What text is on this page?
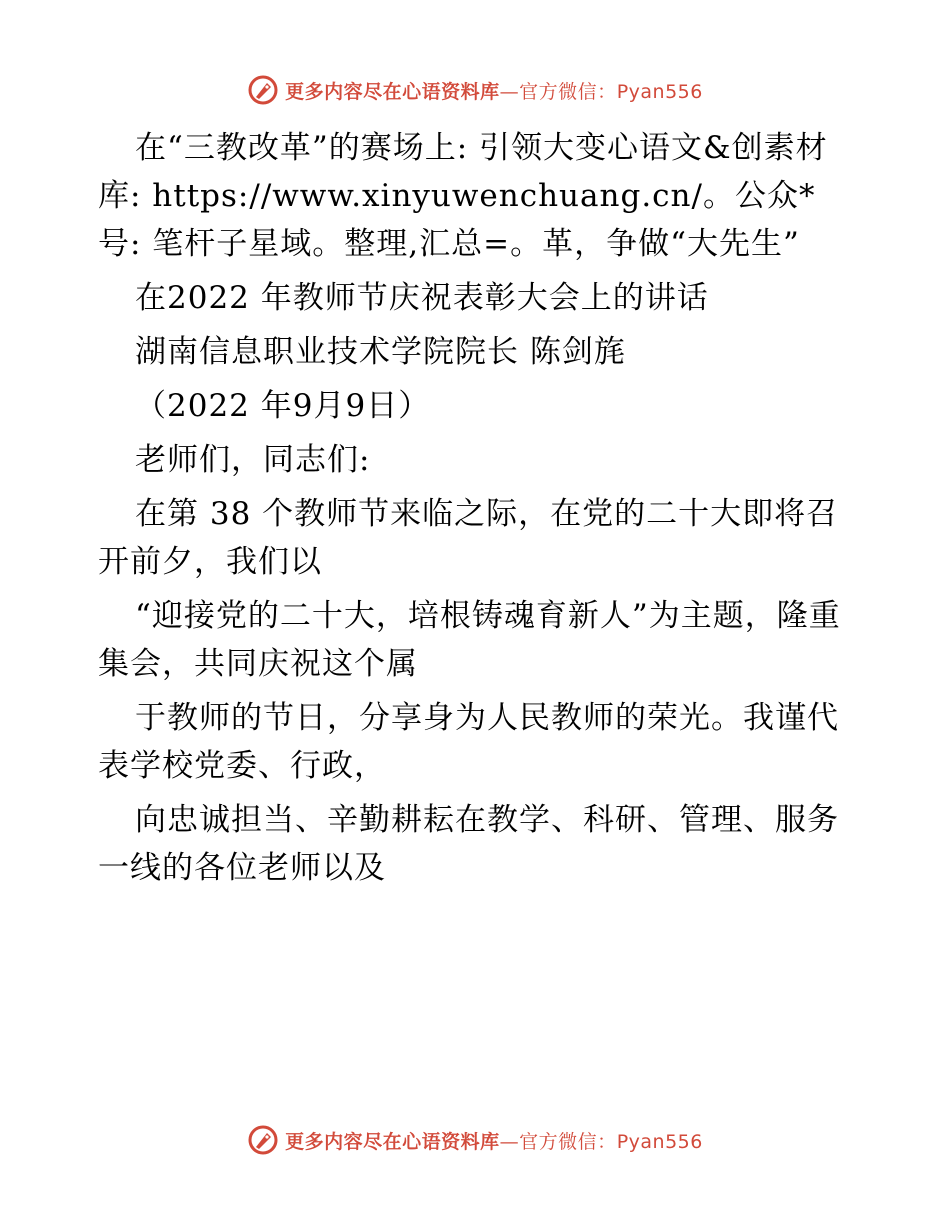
更多内容尽在心语资料库—官方微信：Pyan556

在“三教改革”的赛场上: 引领大变心语文&创素材库: https://www.xinyuwenchuang.cn/。公众*号: 笔杆子星域。整理,汇总=。革，争做“大先生”

在2022 年教师节庆祝表彰大会上的讲话

湖南信息职业技术学院院长 陈剑旄

（2022 年9月9日）

老师们，同志们:

在第 38 个教师节来临之际，在党的二十大即将召开前夕，我们以

“迎接党的二十大，培根铸魂育新人”为主题，隆重集会，共同庆祝这个属

于教师的节日，分享身为人民教师的荣光。我谨代表学校党委、行政，

向忠诚担当、辛勤耕耘在教学、科研、管理、服务一线的各位老师以及

更多内容尽在心语资料库—官方微信：Pyan556
